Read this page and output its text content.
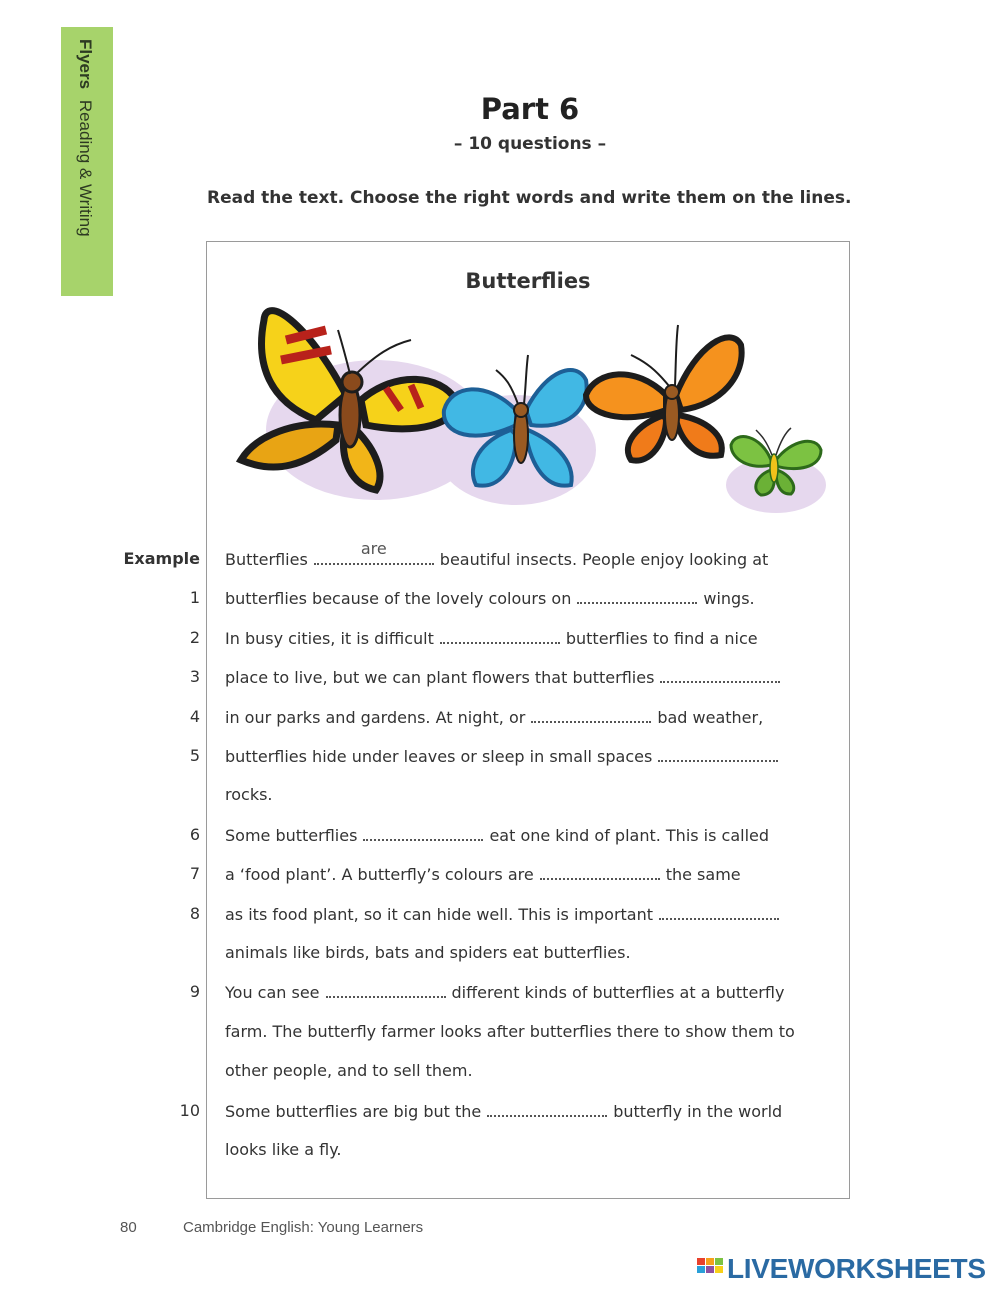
Flyers Reading & Writing	Part 6
– 10 questions –
Read the text. Choose the right words and write them on the lines.
Butterflies
Example Butterflies
are
beautiful insects. People enjoy looking at
1 butterflies because of the lovely colours on	wings.
2 In busy cities, it is difficult	butterflies to find a nice
3 place to live, but we can plant flowers that butterflies
4 in our parks and gardens. At night, or	bad weather,
5 butterflies hide under leaves or sleep in small spaces
rocks.
6 Some butterflies	eat one kind of plant. This is called
7 a ‘food plant’. A butterfly’s colours are	the same
8 as its food plant, so it can hide well. This is important
animals like birds, bats and spiders eat butterflies.
9 You can see	different kinds of butterflies at a butterfly
farm. The butterfly farmer looks after butterflies there to show them to
other people, and to sell them.
10 Some butterflies are big but the	butterfly in the world
looks like a fly.
80	Cambridge English: Young Learners
LIVEWORKSHEETS
